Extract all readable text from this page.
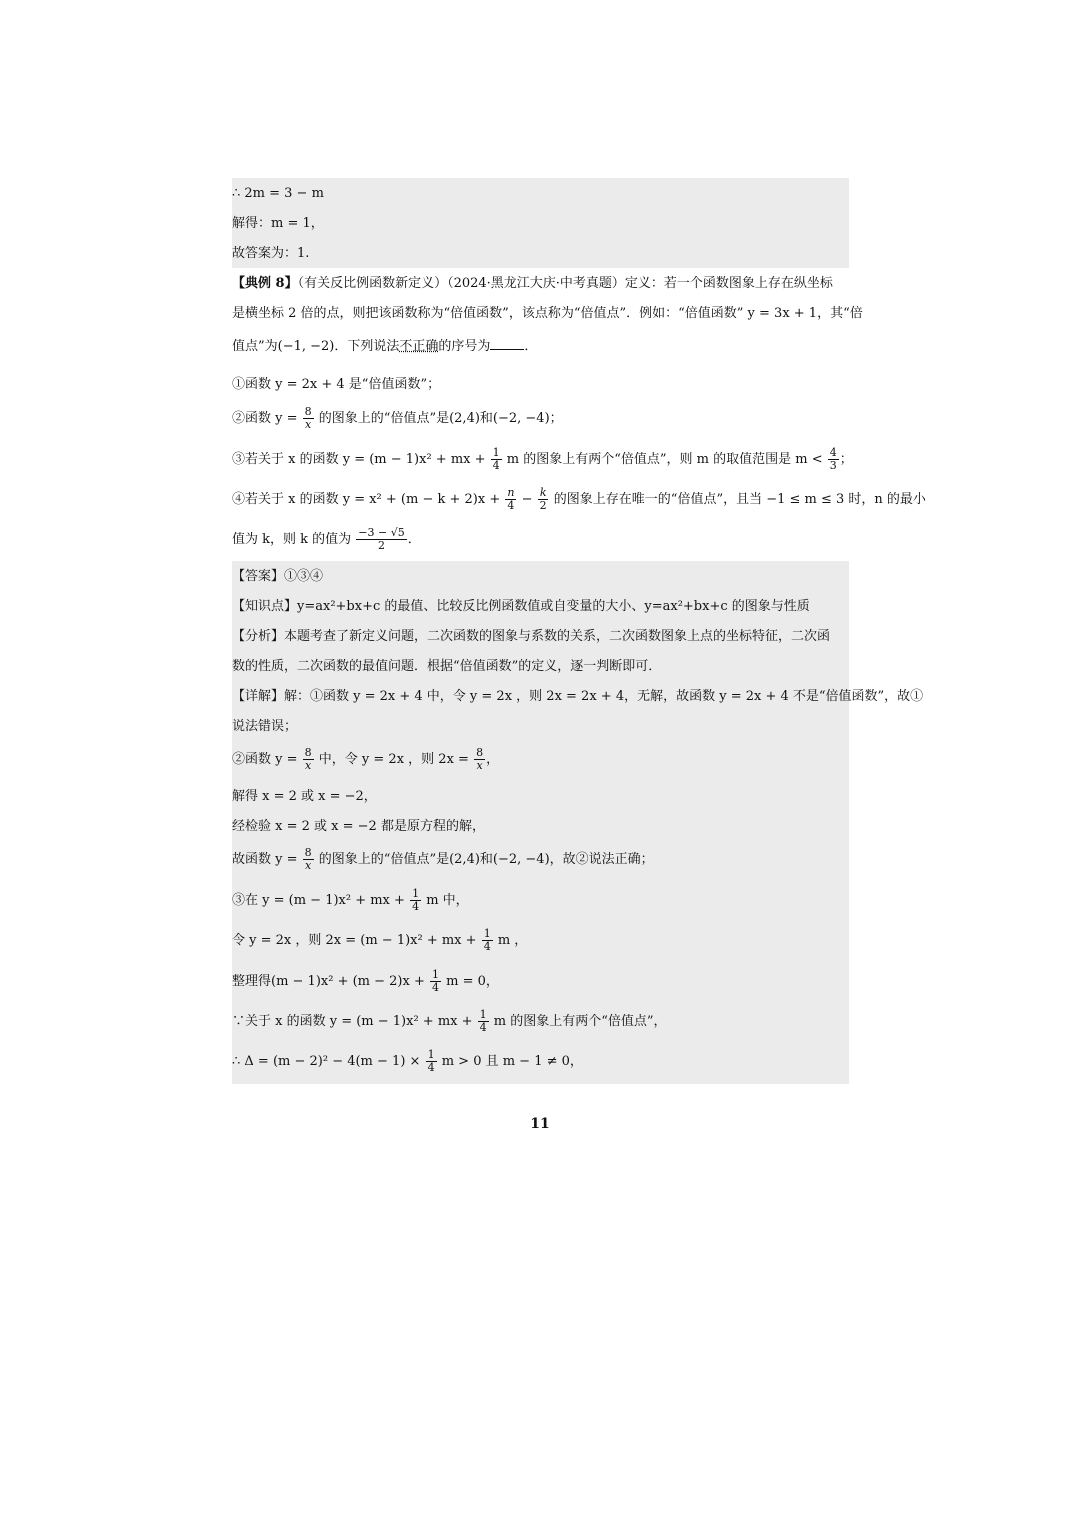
∴ 2m = 3 − m
解得：m = 1，
故答案为：1.
【典例 8】（有关反比例函数新定义）（2024·黑龙江大庆·中考真题）定义：若一个函数图象上存在纵坐标
是横坐标 2 倍的点，则把该函数称为“倍值函数”，该点称为“倍值点”．例如：“倍值函数” y = 3x + 1，其“倍
值点”为(−1, −2)．下列说法不正确的序号为	．
①函数 y = 2x + 4 是“倍值函数”；
②函数 $y = \frac{8}{x}$ 的图象上的“倍值点”是(2,4)和(−2, −4)；
③若关于 x 的函数 y = (m − 1)x² + mx + $\frac{1}{4}$ m 的图象上有两个“倍值点”，则 m 的取值范围是 $m < \frac{4}{3}$ ；
④若关于 x 的函数 $y = x^2 + (m - k + 2)x + \frac{n}{4} - \frac{k}{2}$ 的图象上存在唯一的“倍值点”，且当 −1 ≤ m ≤ 3 时，n 的最小
值为 k，则 k 的值为 $\frac{-3 - √5}{2}$ ．
【答案】①③④
【知识点】y=ax²+bx+c 的最值、比较反比例函数值或自变量的大小、y=ax²+bx+c 的图象与性质
【分析】本题考查了新定义问题，二次函数的图象与系数的关系，二次函数图象上点的坐标特征，二次函
数的性质，二次函数的最值问题．根据“倍值函数”的定义，逐一判断即可．
【详解】解：①函数 y = 2x + 4 中，令 y = 2x ，则 2x = 2x + 4，无解，故函数 y = 2x + 4 不是“倍值函数”，故①
说法错误；
②函数 $y = \frac{8}{x}$ 中，令 y = 2x ，则 $2x = \frac{8}{x}$ ，
解得 x = 2 或 x = −2，
经检验 x = 2 或 x = −2 都是原方程的解，
故函数 $y = \frac{8}{x}$ 的图象上的“倍值点”是(2,4)和(−2, −4)，故②说法正确；
③在 y = (m − 1)x² + mx + $\frac{1}{4}$ m 中，
令 y = 2x ，则 2x = (m − 1)x² + mx + $\frac{1}{4}$ m ，
整理得$(m - 1)x^2 + (m - 2)x + \frac{1}{4}$ m = 0，
∵关于 x 的函数 y = (m − 1)x² + mx + $\frac{1}{4}$ m 的图象上有两个“倍值点”，
∴ $\Delta = (m - 2)^2 - 4(m - 1) \times \frac{1}{4}$ m > 0 且 m − 1 ≠ 0，
11
